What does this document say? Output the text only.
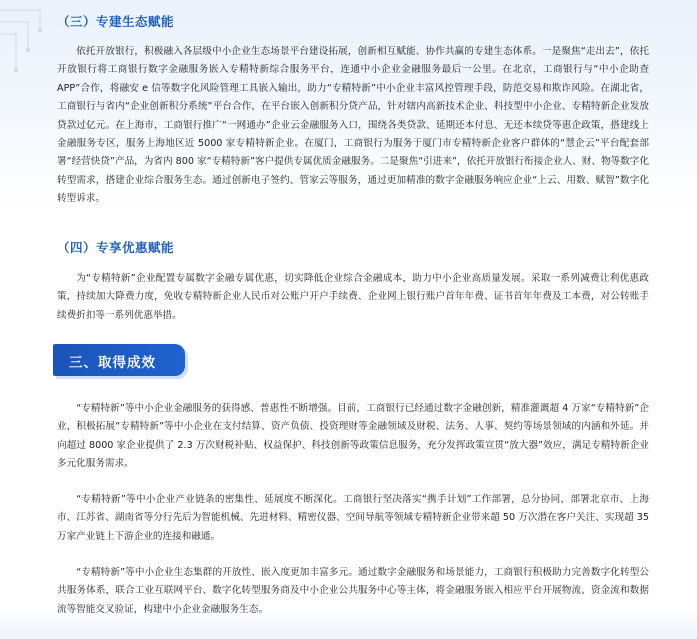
（三）专建生态赋能

依托开放银行，积极融入各层级中小企业生态场景平台建设拓展，创新相互赋能、协作共赢的专建生态体系。一是聚焦“走出去”，依托开放银行将工商银行数字金融服务嵌入专精特新综合服务平台，连通中小企业金融服务最后一公里。在北京，工商银行与“中小企助查 APP”合作，将融安 e 信等数字化风险管理工具嵌入输出，助力“专精特新”中小企业丰富风控管理手段，防范交易和欺诈风险。在湖北省，工商银行与省内“企业创新积分系统”平台合作，在平台嵌入创新积分贷产品，针对辖内高新技术企业、科技型中小企业、专精特新企业发放贷款过亿元。在上海市，工商银行推广“一网通办”企业云金融服务入口，围绕各类贷款、延期还本付息、无还本续贷等惠企政策，搭建线上金融服务专区，服务上海地区近 5000 家专精特新企业。在厦门，工商银行为服务于厦门市专精特新企业客户群体的“慧企云”平台配套部署“经营快贷”产品，为省内 800 家“专精特新”客户提供专属优质金融服务。二是聚焦“引进来”，依托开放银行衔接企业人、财、物等数字化转型需求，搭建企业综合服务生态。通过创新电子签约、管家云等服务，通过更加精准的数字金融服务响应企业“上云、用数、赋智”数字化转型诉求。

（四）专享优惠赋能

为“专精特新”企业配置专属数字金融专属优惠，切实降低企业综合金融成本，助力中小企业高质量发展。采取一系列减费让利优惠政策，持续加大降费力度，免收专精特新企业人民币对公账户开户手续费、企业网上银行账户首年年费、证书首年年费及工本费，对公转账手续费折扣等一系列优惠举措。

三、取得成效

“专精特新”等中小企业金融服务的获得感、普惠性不断增强。目前，工商银行已经通过数字金融创新，精准灌溉超 4 万家“专精特新”企业，积极拓展“专精特新”等中小企业在支付结算、资产负债、投资理财等金融领域及财税、法务、人事、契约等场景领域的内涵和外延。并向超过 8000 家企业提供了 2.3 万次财税补贴、权益保护、科技创新等政策信息服务，充分发挥政策宣贯“放大器”效应，满足专精特新企业多元化服务需求。

“专精特新”等中小企业产业链条的密集性、延展度不断深化。工商银行坚决落实“携手计划”工作部署，总分协同，部署北京市、上海市、江苏省、湖南省等分行先后为智能机械、先进材料、精密仪器、空间导航等领域专精特新企业带来超 50 万次潜在客户关注、实现超 35 万家产业链上下游企业的连接和融通。

“专精特新”等中小企业生态集群的开放性、嵌入度更加丰富多元。通过数字金融服务和场景能力，工商银行积极助力完善数字化转型公共服务体系，联合工业互联网平台、数字化转型服务商及中小企业公共服务中心等主体，将金融服务嵌入相应平台开展物流、资金流和数据流等智能交叉验证，构建中小企业金融服务生态。
